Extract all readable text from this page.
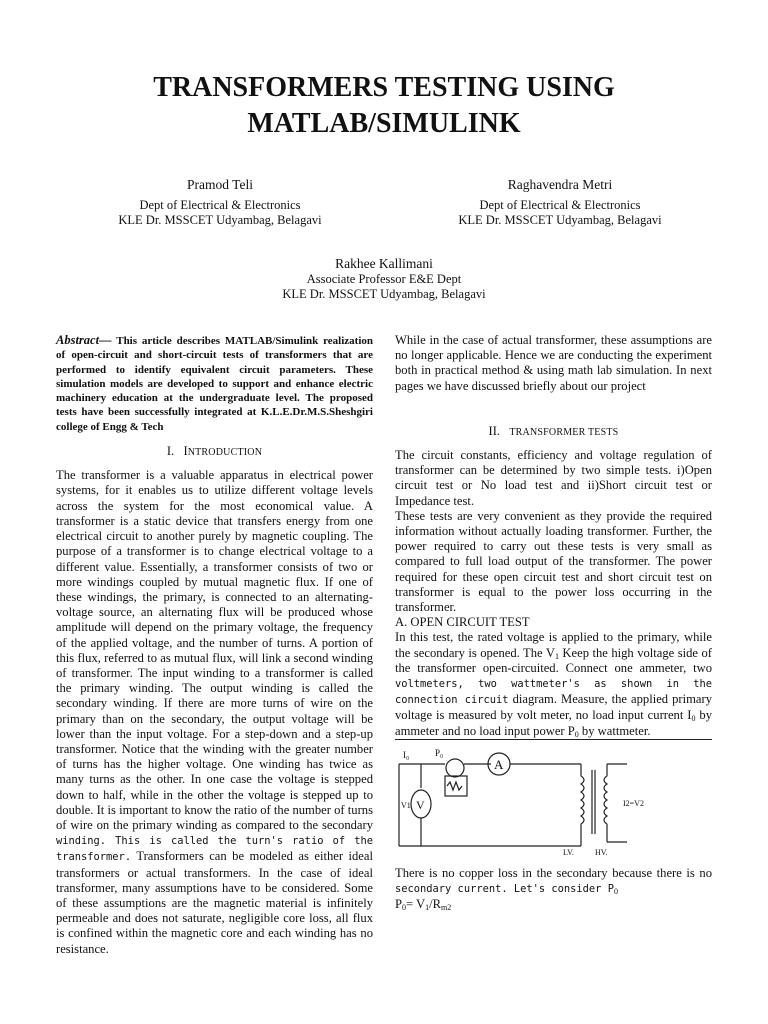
TRANSFORMERS TESTING USING
MATLAB/SIMULINK
Pramod Teli
Dept of Electrical & Electronics
KLE Dr. MSSCET Udyambag, Belagavi
Raghavendra Metri
Dept of Electrical & Electronics
KLE Dr. MSSCET Udyambag, Belagavi
Rakhee Kallimani
Associate Professor E&E Dept
KLE Dr. MSSCET Udyambag, Belagavi

Abstract— This article describes MATLAB/Simulink realization of open-circuit and short-circuit tests of transformers that are performed to identify equivalent circuit parameters. These simulation models are developed to support and enhance electric machinery education at the undergraduate level. The proposed tests have been successfully integrated at K.L.E.Dr.M.S.Sheshgiri college of Engg & Tech

I. INTRODUCTION

The transformer is a valuable apparatus in electrical power systems, for it enables us to utilize different voltage levels across the system for the most economical value. A transformer is a static device that transfers energy from one electrical circuit to another purely by magnetic coupling. The purpose of a transformer is to change electrical voltage to a different value. Essentially, a transformer consists of two or more windings coupled by mutual magnetic flux. If one of these windings, the primary, is connected to an alternating-voltage source, an alternating flux will be produced whose amplitude will depend on the primary voltage, the frequency of the applied voltage, and the number of turns. A portion of this flux, referred to as mutual flux, will link a second winding of transformer. The input winding to a transformer is called the primary winding. The output winding is called the secondary winding. If there are more turns of wire on the primary than on the secondary, the output voltage will be lower than the input voltage. For a step-down and a step-up transformer. Notice that the winding with the greater number of turns has the higher voltage. One winding has twice as many turns as the other. In one case the voltage is stepped down to half, while in the other the voltage is stepped up to double. It is important to know the ratio of the number of turns of wire on the primary winding as compared to the secondary winding. This is called the turn's ratio of the transformer. Transformers can be modeled as either ideal transformers or actual transformers. In the case of ideal transformer, many assumptions have to be considered. Some of these assumptions are the magnetic material is infinitely permeable and does not saturate, negligible core loss, all flux is confined within the magnetic core and each winding has no resistance.

While in the case of actual transformer, these assumptions are no longer applicable. Hence we are conducting the experiment both in practical method & using math lab simulation. In next pages we have discussed briefly about our project

II. TRANSFORMER TESTS

The circuit constants, efficiency and voltage regulation of transformer can be determined by two simple tests. i)Open circuit test or No load test and ii)Short circuit test or Impedance test.

These tests are very convenient as they provide the required information without actually loading transformer. Further, the power required to carry out these tests is very small as compared to full load output of the transformer. The power required for these open circuit test and short circuit test on transformer is equal to the power loss occurring in the transformer.

A. OPEN CIRCUIT TEST

In this test, the rated voltage is applied to the primary, while the secondary is opened. The $V_1$ Keep the high voltage side of the transformer open-circuited. Connect one ammeter, two voltmeters, two wattmeter's as shown in the connection circuit diagram. Measure, the applied primary voltage is measured by volt meter, no load input current $I_0$ by ammeter and no load input power $P_0$ by wattmeter.

I₀	P₀
A
V
V1	I2=V2
LV.	HV.

There is no copper loss in the secondary because there is no secondary current. Let's consider $P_0$

$P_0= V_1/R_{m2}$
